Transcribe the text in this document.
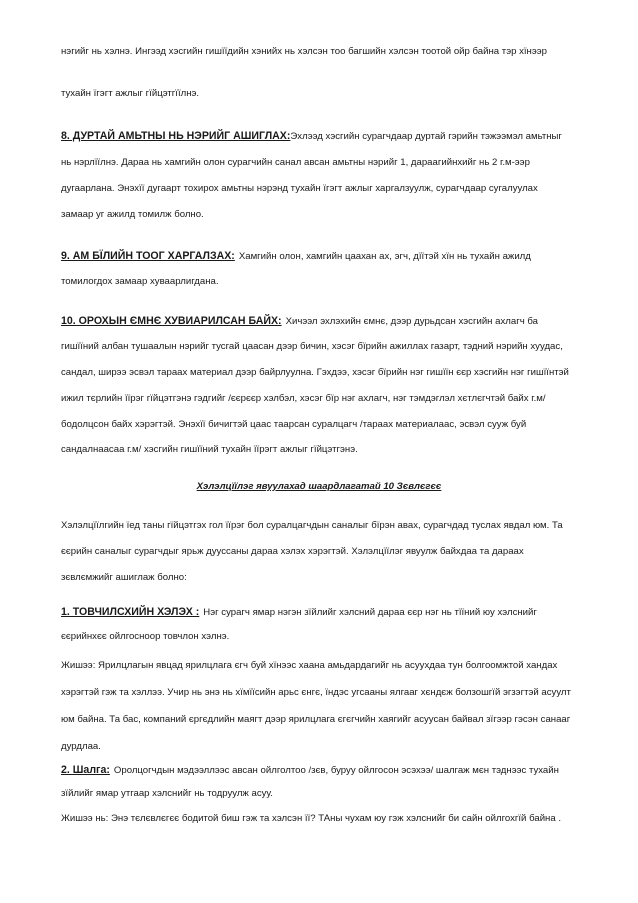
нэгийг нь хэлнэ. Ингээд хэсгийн гишїїдийн хэнийх нь хэлсэн тоо багшийн хэлсэн тоотой ойр байна тэр хїнээр
тухайн їгэгт ажлыг гїйцэтгїїлнэ.
8. ДУРТАЙ АМЬТНЫ НЬ НЭРИЙГ АШИГЛАХ:Эхлээд хэсгийн сурагчдаар дуртай гэрийн тэжээмэл амьтныг
нь нэрлїїлнэ. Дараа нь хамгийн олон сурагчийн санал авсан амьтны нэрийг 1, дараагийнхийг нь 2 г.м-ээр
дугаарлана. Энэхїї дугаарт тохирох амьтны нэрэнд тухайн їгэгт ажлыг харгалзуулж, сурагчдаар сугалуулах
замаар уг ажилд томилж болно.
9. АМ БЇЛИЙН ТООГ ХАРГАЛЗАХ: Хамгийн олон, хамгийн цаахан ах, эгч, дїїтэй хїн нь тухайн ажилд
томилогдох замаар хуваарлигдана.
10. ОРОХЫН ЄМНЄ ХУВИАРИЛСАН БАЙХ: Хичээл эхлэхийн ємнє, дээр дурьдсан хэсгийн ахлагч ба
гишїїний албан тушаалын нэрийг тусгай цаасан дээр бичин, хэсэг бїрийн ажиллах газарт, тэдний нэрийн хуудас,
сандал, ширээ эсвэл тараах материал дээр байрлуулна. Гэхдээ, хэсэг бїрийн нэг гишїїн єєр хэсгийн нэг гишїїнтэй
ижил тєрлийн їїрэг гїйцэтгэнэ гэдгийг /єєрєєр хэлбэл, хэсэг бїр нэг ахлагч, нэг тэмдэглэл хєтлєгчтэй байх г.м/
бодолцсон байх хэрэгтэй. Энэхїї бичигтэй цаас таарсан суралцагч /тараах материалаас, эсвэл сууж буй
сандалнаасаа г.м/ хэсгийн гишїїний тухайн їїрэгт ажлыг гїйцэтгэнэ.
Хэлэлцїїлэг явуулахад шаардлагатай 10 Зєвлєгєє
Хэлэлцїїлгийн їед таны гїйцэтгэх гол їїрэг бол суралцагчдын саналыг бїрэн авах, сурагчдад туслах явдал юм. Та
єєрийн саналыг сурагчдыг ярьж дууссаны дараа хэлэх хэрэгтэй. Хэлэлцїїлэг явуулж байхдаа та дараах
зєвлємжийг ашиглаж болно:
1. ТОВЧИЛСХИЙН ХЭЛЭХ : Нэг сурагч ямар нэгэн зїйлийг хэлсний дараа єєр нэг нь тїїний юу хэлснийг
єєрийнхєє ойлгосноор товчлон хэлнэ.
Жишээ: Ярилцлагын явцад ярилцлага єгч буй хїнээс хаана амьдардагийг нь асуухдаа тун болгоомжтой хандах
хэрэгтэй гэж та хэллээ. Учир нь энэ нь хїмїїсийн арьс єнгє, їндэс угсааны ялгааг хєндєж болзошгїй эгзэгтэй асуулт
юм байна. Та бас, компаний єргєдлийн маягт дээр ярилцлага єгєгчийн хаягийг асуусан байвал зїгээр гэсэн санааг
дурдлаа.
2. Шалга: Оролцогчдын мэдээллээс авсан ойлголтоо /зєв, буруу ойлгосон эсэхээ/ шалгаж мєн тэднээс тухайн
зїйлийг ямар утгаар хэлснийг нь тодруулж асуу.
Жишээ нь: Энэ тєлєвлєгєє бодитой биш гэж та хэлсэн її? ТАны чухам юу гэж хэлснийг би сайн ойлгохгїй байна .
